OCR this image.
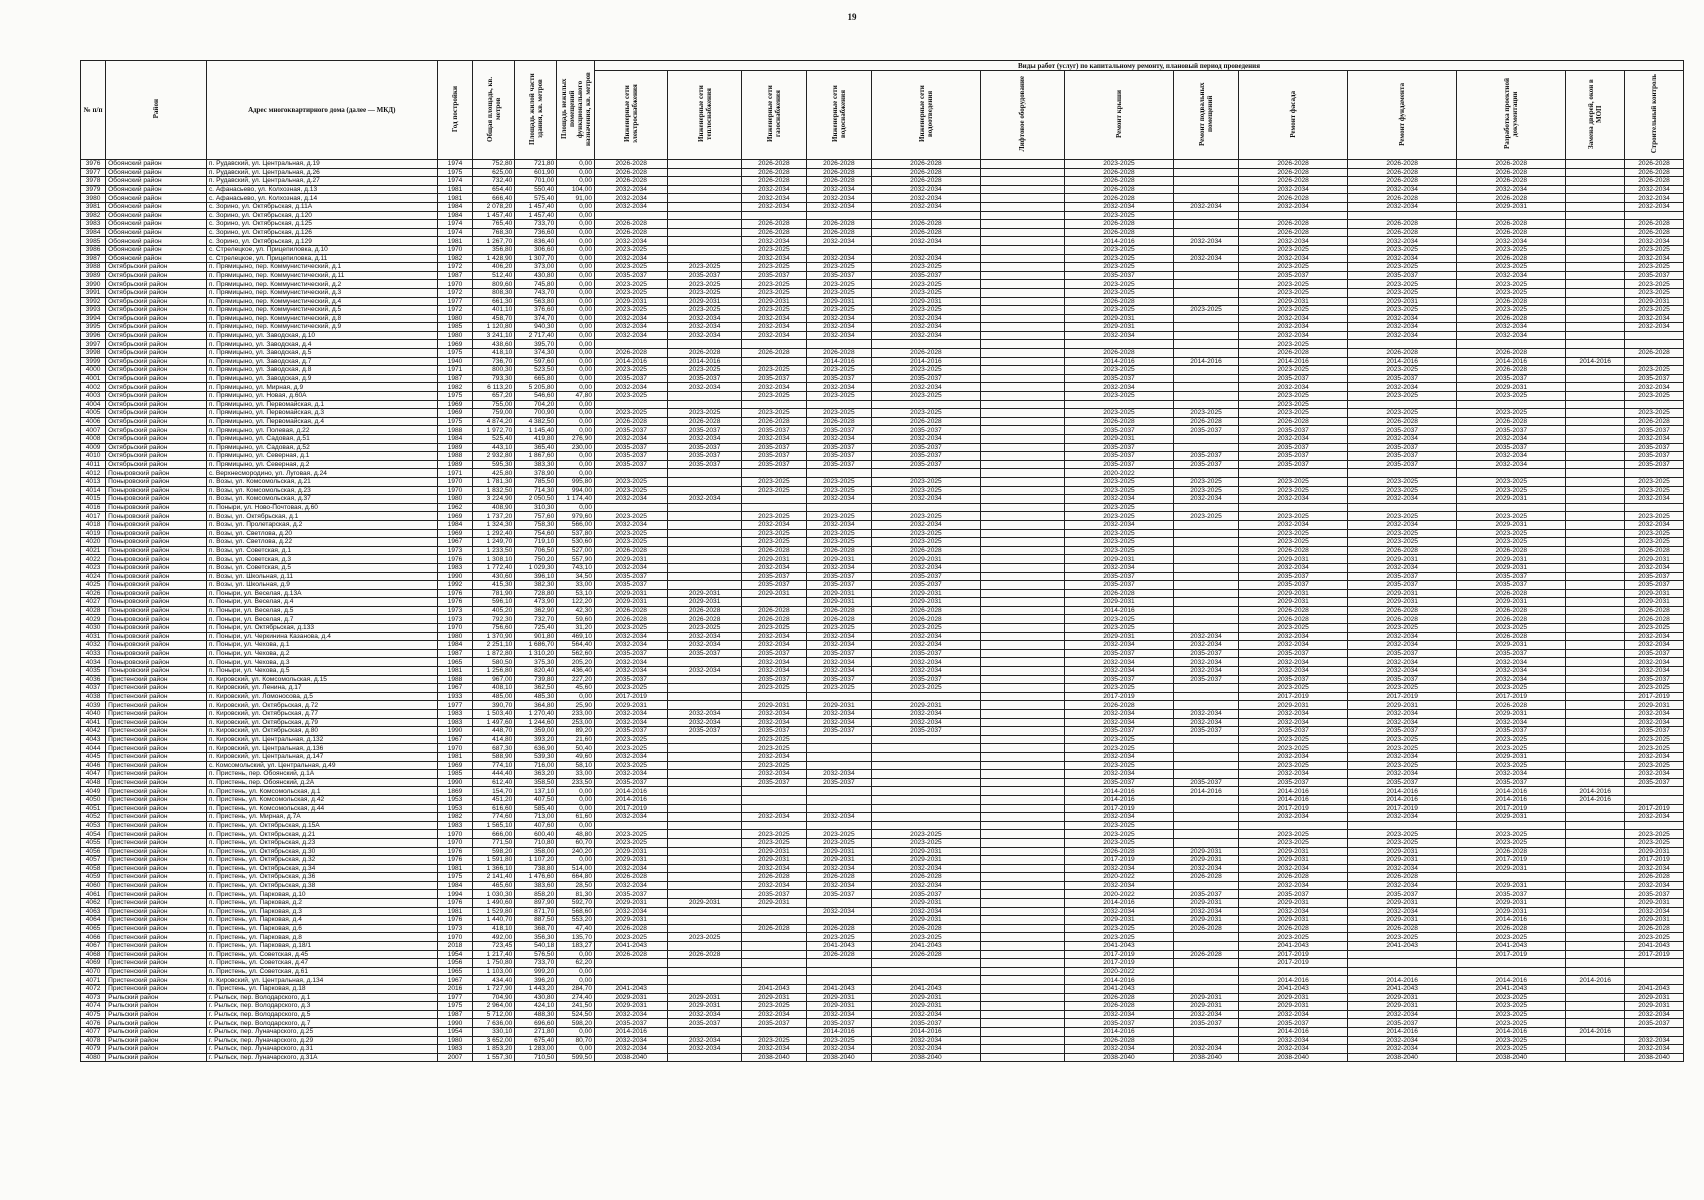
19
№ п/п	Район	Адрес многоквартирного дома (далее — МКД)	Год постройки	Общая площадь, кв. метров	Площадь жилой части здания, кв. метров	Площадь нежилых помещений функционального назначения, кв. метров	Виды работ (услуг) по капитальному ремонту, плановый период проведения												
							Инженерные сети электроснабжения	Инженерные сети теплоснабжения	Инженерные сети газоснабжения	Инженерные сети водоснабжения	Инженерные сети водоотведения	Лифтовое оборудование	Ремонт крыши	Ремонт подвальных помещений	Ремонт фасада	Ремонт фундамента	Разработка проектной документации	Замена дверей, окон в МОП	Строительный контроль
3976	Обоянский район	п. Рудавский, ул. Центральная, д.19	1974	752,80	721,80	0,00	2026-2028		2026-2028	2026-2028	2026-2028		2023-2025		2026-2028	2026-2028	2026-2028		2026-2028
3977	Обоянский район	п. Рудавский, ул. Центральная, д.26	1975	625,00	601,90	0,00	2026-2028		2026-2028	2026-2028	2026-2028		2026-2028		2026-2028	2026-2028	2026-2028		2026-2028
3978	Обоянский район	п. Рудавский, ул. Центральная, д.27	1974	732,40	701,00	0,00	2026-2028		2026-2028	2026-2028	2026-2028		2026-2028		2026-2028	2026-2028	2026-2028		2026-2028
3979	Обоянский район	с. Афанасьево, ул. Колхозная, д.13	1981	654,40	550,40	104,00	2032-2034		2032-2034	2032-2034	2032-2034		2026-2028		2032-2034	2032-2034	2032-2034		2032-2034
3980	Обоянский район	с. Афанасьево, ул. Колхозная, д.14	1981	666,40	575,40	91,00	2032-2034		2032-2034	2032-2034	2032-2034		2026-2028		2026-2028	2026-2028	2026-2028		2032-2034
3981	Обоянский район	с. Зорино, ул. Октябрьская, д.11А	1984	2 078,20	1 457,40	0,00	2032-2034		2032-2034	2032-2034	2032-2034		2032-2034	2032-2034	2032-2034	2032-2034	2029-2031		2032-2034
3982	Обоянский район	с. Зорино, ул. Октябрьская, д.120	1984	1 457,40	1 457,40	0,00							2023-2025						
3983	Обоянский район	с. Зорино, ул. Октябрьская, д.125	1974	765,40	733,70	0,00	2026-2028		2026-2028	2026-2028	2026-2028		2026-2028		2026-2028	2026-2028	2026-2028		2026-2028
3984	Обоянский район	с. Зорино, ул. Октябрьская, д.126	1974	768,30	736,60	0,00	2026-2028		2026-2028	2026-2028	2026-2028		2026-2028		2026-2028	2026-2028	2026-2028		2026-2028
3985	Обоянский район	с. Зорино, ул. Октябрьская, д.129	1981	1 267,70	836,40	0,00	2032-2034		2032-2034	2032-2034	2032-2034		2014-2016	2032-2034	2032-2034	2032-2034	2032-2034		2032-2034
3986	Обоянский район	с. Стрелецкое, ул. Прицепиловка, д.10	1970	356,80	306,60	0,00	2023-2025		2023-2025				2023-2025		2023-2025	2023-2025	2023-2025		2023-2025
3987	Обоянский район	с. Стрелецкое, ул. Прицепиловка, д.11	1982	1 428,90	1 307,70	0,00	2032-2034		2032-2034	2032-2034	2032-2034		2023-2025	2032-2034	2032-2034	2032-2034	2026-2028		2032-2034
3988	Октябрьский район	п. Прямицыно, пер. Коммунистический, д.1	1972	406,20	373,00	0,00	2023-2025	2023-2025	2023-2025	2023-2025	2023-2025		2023-2025		2023-2025	2023-2025	2023-2025		2023-2025
3989	Октябрьский район	п. Прямицыно, пер. Коммунистический, д.11	1987	512,40	430,80	0,00	2035-2037	2035-2037	2035-2037	2035-2037	2035-2037		2035-2037		2035-2037	2035-2037	2032-2034		2035-2037
3990	Октябрьский район	п. Прямицыно, пер. Коммунистический, д.2	1970	809,60	745,80	0,00	2023-2025	2023-2025	2023-2025	2023-2025	2023-2025		2023-2025		2023-2025	2023-2025	2023-2025		2023-2025
3991	Октябрьский район	п. Прямицыно, пер. Коммунистический, д.3	1972	808,30	743,70	0,00	2023-2025	2023-2025	2023-2025	2023-2025	2023-2025		2023-2025		2023-2025	2023-2025	2023-2025		2023-2025
3992	Октябрьский район	п. Прямицыно, пер. Коммунистический, д.4	1977	661,30	563,80	0,00	2029-2031	2029-2031	2029-2031	2029-2031	2029-2031		2026-2028		2029-2031	2029-2031	2026-2028		2029-2031
3993	Октябрьский район	п. Прямицыно, пер. Коммунистический, д.5	1972	401,10	376,60	0,00	2023-2025	2023-2025	2023-2025	2023-2025	2023-2025		2023-2025	2023-2025	2023-2025	2023-2025	2023-2025		2023-2025
3994	Октябрьский район	п. Прямицыно, пер. Коммунистический, д.8	1980	458,70	374,70	0,00	2032-2034	2032-2034	2032-2034	2032-2034	2032-2034		2029-2031		2032-2034	2032-2034	2026-2028		2032-2034
3995	Октябрьский район	п. Прямицыно, пер. Коммунистический, д.9	1985	1 120,80	940,30	0,00	2032-2034	2032-2034	2032-2034	2032-2034	2032-2034		2029-2031		2032-2034	2032-2034	2032-2034		2032-2034
3996	Октябрьский район	п. Прямицыно, ул. Заводская, д.10	1980	3 241,10	2 717,40	0,00	2032-2034	2032-2034	2032-2034	2032-2034	2032-2034		2032-2034		2032-2034	2032-2034	2032-2034		
3997	Октябрьский район	п. Прямицыно, ул. Заводская, д.4	1969	438,60	395,70	0,00									2023-2025				
3998	Октябрьский район	п. Прямицыно, ул. Заводская, д.5	1975	418,10	374,30	0,00	2026-2028	2026-2028	2026-2028	2026-2028	2026-2028		2026-2028		2026-2028	2026-2028	2026-2028		2026-2028
3999	Октябрьский район	п. Прямицыно, ул. Заводская, д.7	1940	736,70	597,60	0,00	2014-2016	2014-2016		2014-2016	2014-2016		2014-2016	2014-2016	2014-2016	2014-2016	2014-2016	2014-2016	
4000	Октябрьский район	п. Прямицыно, ул. Заводская, д.8	1971	800,30	523,50	0,00	2023-2025	2023-2025	2023-2025	2023-2025	2023-2025		2023-2025		2023-2025	2023-2025	2026-2028		2023-2025
4001	Октябрьский район	п. Прямицыно, ул. Заводская, д.9	1987	793,30	665,80	0,00	2035-2037	2035-2037	2035-2037	2035-2037	2035-2037		2035-2037		2035-2037	2035-2037	2035-2037		2035-2037
4002	Октябрьский район	п. Прямицыно, ул. Мирная, д.9	1982	6 113,20	5 205,80	0,00	2032-2034	2032-2034	2032-2034	2032-2034	2032-2034		2032-2034		2032-2034	2032-2034	2029-2031		2032-2034
4003	Октябрьский район	п. Прямицыно, ул. Новая, д.60А	1975	657,20	546,60	47,80	2023-2025		2023-2025	2023-2025	2023-2025		2023-2025		2023-2025	2023-2025	2023-2025		2023-2025
4004	Октябрьский район	п. Прямицыно, ул. Первомайская, д.1	1969	755,00	704,20	0,00									2023-2025				
4005	Октябрьский район	п. Прямицыно, ул. Первомайская, д.3	1969	759,00	700,90	0,00	2023-2025	2023-2025	2023-2025	2023-2025	2023-2025		2023-2025	2023-2025	2023-2025	2023-2025	2023-2025		2023-2025
4006	Октябрьский район	п. Прямицыно, ул. Первомайская, д.4	1975	4 874,20	4 382,50	0,00	2026-2028	2026-2028	2026-2028	2026-2028	2026-2028		2026-2028	2026-2028	2026-2028	2026-2028	2026-2028		2026-2028
4007	Октябрьский район	п. Прямицыно, ул. Полевая, д.22	1988	1 972,70	1 145,40	0,00	2035-2037	2035-2037	2035-2037	2035-2037	2035-2037		2035-2037	2035-2037	2035-2037	2035-2037	2035-2037		2035-2037
4008	Октябрьский район	п. Прямицыно, ул. Садовая, д.51	1984	525,40	419,80	276,90	2032-2034	2032-2034	2032-2034	2032-2034	2032-2034		2029-2031		2032-2034	2032-2034	2032-2034		2032-2034
4009	Октябрьский район	п. Прямицыно, ул. Садовая, д.52	1989	443,10	365,40	230,00	2035-2037	2035-2037	2035-2037	2035-2037	2035-2037		2035-2037		2035-2037	2035-2037	2035-2037		2035-2037
4010	Октябрьский район	п. Прямицыно, ул. Северная, д.1	1988	2 932,80	1 867,60	0,00	2035-2037	2035-2037	2035-2037	2035-2037	2035-2037		2035-2037	2035-2037	2035-2037	2035-2037	2032-2034		2035-2037
4011	Октябрьский район	п. Прямицыно, ул. Северная, д.2	1989	595,30	383,30	0,00	2035-2037	2035-2037	2035-2037	2035-2037	2035-2037		2035-2037	2035-2037	2035-2037	2035-2037	2032-2034		2035-2037
4012	Поныровский район	с. Верхнесмородино, ул. Луговая, д.24	1971	425,80	378,90	0,00							2020-2022						
4013	Поныровский район	п. Возы, ул. Комсомольская, д.21	1970	1 781,30	785,50	995,80	2023-2025		2023-2025	2023-2025	2023-2025		2023-2025	2023-2025	2023-2025	2023-2025	2023-2025		2023-2025
4014	Поныровский район	п. Возы, ул. Комсомольская, д.23	1970	1 832,50	714,30	994,00	2023-2025		2023-2025	2023-2025	2023-2025		2023-2025	2023-2025	2023-2025	2023-2025	2023-2025		2023-2025
4015	Поныровский район	п. Возы, ул. Комсомольская, д.37	1980	3 224,90	2 050,50	1 174,40	2032-2034	2032-2034		2032-2034	2032-2034		2032-2034	2032-2034	2032-2034	2032-2034	2029-2031		2032-2034
4016	Поныровский район	п. Поныри, ул. Ново-Почтовая, д.60	1962	408,90	310,30	0,00							2023-2025						
4017	Поныровский район	п. Возы, ул. Октябрьская, д.1	1969	1 737,20	757,60	979,60	2023-2025		2023-2025	2023-2025	2023-2025		2023-2025	2023-2025	2023-2025	2023-2025	2023-2025		2023-2025
4018	Поныровский район	п. Возы, ул. Пролетарская, д.2	1984	1 324,30	758,30	566,00	2032-2034		2032-2034	2032-2034	2032-2034		2032-2034		2032-2034	2032-2034	2029-2031		2032-2034
4019	Поныровский район	п. Возы, ул. Светлова, д.20	1969	1 292,40	754,60	537,80	2023-2025		2023-2025	2023-2025	2023-2025		2023-2025		2023-2025	2023-2025	2023-2025		2023-2025
4020	Поныровский район	п. Возы, ул. Светлова, д.22	1967	1 249,70	719,10	530,60	2023-2025		2023-2025	2023-2025	2023-2025		2023-2025		2023-2025	2023-2025	2023-2025		2023-2025
4021	Поныровский район	п. Возы, ул. Советская, д.1	1973	1 233,50	706,50	527,00	2026-2028		2026-2028	2026-2028	2026-2028		2023-2025		2026-2028	2026-2028	2026-2028		2026-2028
4022	Поныровский район	п. Возы, ул. Советская, д.3	1976	1 308,10	750,20	557,90	2029-2031		2029-2031	2029-2031	2029-2031		2029-2031		2029-2031	2029-2031	2029-2031		2029-2031
4023	Поныровский район	п. Возы, ул. Советская, д.5	1983	1 772,40	1 029,30	743,10	2032-2034		2032-2034	2032-2034	2032-2034		2032-2034		2032-2034	2032-2034	2029-2031		2032-2034
4024	Поныровский район	п. Возы, ул. Школьная, д.11	1990	430,60	396,10	34,50	2035-2037		2035-2037	2035-2037	2035-2037		2035-2037		2035-2037	2035-2037	2035-2037		2035-2037
4025	Поныровский район	п. Возы, ул. Школьная, д.9	1992	415,30	382,30	33,00	2035-2037		2035-2037	2035-2037	2035-2037		2035-2037		2035-2037	2035-2037	2035-2037		2035-2037
4026	Поныровский район	п. Поныри, ул. Веселая, д.13А	1976	781,90	728,80	53,10	2029-2031	2029-2031	2029-2031	2029-2031	2029-2031		2026-2028		2029-2031	2029-2031	2026-2028		2029-2031
4027	Поныровский район	п. Поныри, ул. Веселая, д.4	1976	596,10	473,90	122,20	2029-2031	2029-2031		2029-2031	2029-2031		2029-2031		2029-2031	2029-2031	2029-2031		2029-2031
4028	Поныровский район	п. Поныри, ул. Веселая, д.5	1973	405,20	362,90	42,30	2026-2028	2026-2028	2026-2028	2026-2028	2026-2028		2014-2016		2026-2028	2026-2028	2026-2028		2026-2028
4029	Поныровский район	п. Поныри, ул. Веселая, д.7	1973	792,30	732,70	59,60	2026-2028	2026-2028	2026-2028	2026-2028	2026-2028		2023-2025		2026-2028	2026-2028	2026-2028		2026-2028
4030	Поныровский район	п. Поныри, ул. Октябрьская, д.133	1970	756,60	725,40	31,20	2023-2025	2023-2025	2023-2025	2023-2025	2023-2025		2023-2025		2023-2025	2023-2025	2023-2025		2023-2025
4031	Поныровский район	п. Поныри, ул. Черкинина Казанова, д.4	1980	1 370,90	901,80	469,10	2032-2034	2032-2034	2032-2034	2032-2034	2032-2034		2029-2031	2032-2034	2032-2034	2032-2034	2026-2028		2032-2034
4032	Поныровский район	п. Поныри, ул. Чехова, д.1	1984	2 251,10	1 686,70	564,40	2032-2034	2032-2034	2032-2034	2032-2034	2032-2034		2032-2034	2032-2034	2032-2034	2032-2034	2029-2031		2032-2034
4033	Поныровский район	п. Поныри, ул. Чехова, д.2	1987	1 872,80	1 310,20	562,60	2035-2037	2035-2037	2035-2037	2035-2037	2035-2037		2035-2037	2035-2037	2035-2037	2035-2037	2035-2037		2035-2037
4034	Поныровский район	п. Поныри, ул. Чехова, д.3	1965	580,50	375,30	205,20	2032-2034		2032-2034	2032-2034	2032-2034		2032-2034	2032-2034	2032-2034	2032-2034	2032-2034		2032-2034
4035	Поныровский район	п. Поныри, ул. Чехова, д.5	1981	1 256,80	820,40	436,40	2032-2034	2032-2034	2032-2034	2032-2034	2032-2034		2032-2034	2032-2034	2032-2034	2032-2034	2032-2034		2032-2034
4036	Пристенский район	п. Кировский, ул. Комсомольская, д.15	1988	967,00	739,80	227,20	2035-2037		2035-2037	2035-2037	2035-2037		2035-2037	2035-2037	2035-2037	2035-2037	2032-2034		2035-2037
4037	Пристенский район	п. Кировский, ул. Ленина, д.17	1967	408,10	362,50	45,60	2023-2025		2023-2025	2023-2025	2023-2025		2023-2025		2023-2025	2023-2025	2023-2025		2023-2025
4038	Пристенский район	п. Кировский, ул. Ломоносова, д.5	1933	485,00	485,30	0,00	2017-2019						2017-2019		2017-2019	2017-2019	2017-2019		2017-2019
4039	Пристенский район	п. Кировский, ул. Октябрьская, д.72	1977	390,70	364,80	25,90	2029-2031		2029-2031	2029-2031	2029-2031		2026-2028		2029-2031	2029-2031	2026-2028		2029-2031
4040	Пристенский район	п. Кировский, ул. Октябрьская, д.77	1983	1 503,40	1 270,40	233,00	2032-2034	2032-2034	2032-2034	2032-2034	2032-2034		2032-2034	2032-2034	2032-2034	2032-2034	2029-2031		2032-2034
4041	Пристенский район	п. Кировский, ул. Октябрьская, д.79	1983	1 497,60	1 244,60	253,00	2032-2034	2032-2034	2032-2034	2032-2034	2032-2034		2032-2034	2032-2034	2032-2034	2032-2034	2032-2034		2032-2034
4042	Пристенский район	п. Кировский, ул. Октябрьская, д.80	1990	448,70	359,00	89,20	2035-2037	2035-2037	2035-2037	2035-2037	2035-2037		2035-2037	2035-2037	2035-2037	2035-2037	2035-2037		2035-2037
4043	Пристенский район	п. Кировский, ул. Центральная, д.132	1967	414,80	393,20	21,60	2023-2025		2023-2025				2023-2025		2023-2025	2023-2025	2023-2025		2023-2025
4044	Пристенский район	п. Кировский, ул. Центральная, д.136	1970	687,30	636,90	50,40	2023-2025		2023-2025				2023-2025		2023-2025	2023-2025	2023-2025		2023-2025
4045	Пристенский район	п. Кировский, ул. Центральная, д.147	1981	588,90	539,30	49,60	2032-2034		2032-2034				2032-2034		2032-2034	2032-2034	2029-2031		2032-2034
4046	Пристенский район	с. Комсомольский, ул. Центральная, д.49	1969	774,10	716,00	58,10	2023-2025		2023-2025				2023-2025		2023-2025	2023-2025	2023-2025		2023-2025
4047	Пристенский район	п. Пристень, пер. Обоянский, д.1А	1985	444,40	363,20	33,00	2032-2034		2032-2034	2032-2034			2032-2034		2032-2034	2032-2034	2032-2034		2032-2034
4048	Пристенский район	п. Пристень, пер. Обоянский, д.2А	1990	612,40	358,50	233,50	2035-2037		2035-2037	2035-2037			2035-2037	2035-2037	2035-2037	2035-2037	2035-2037		2035-2037
4049	Пристенский район	п. Пристень, ул. Комсомольская, д.1	1869	154,70	137,10	0,00	2014-2016						2014-2016	2014-2016	2014-2016	2014-2016	2014-2016	2014-2016	
4050	Пристенский район	п. Пристень, ул. Комсомольская, д.42	1953	451,20	407,50	0,00	2014-2016						2014-2016		2014-2016	2014-2016	2014-2016	2014-2016	
4051	Пристенский район	п. Пристень, ул. Комсомольская, д.44	1953	616,60	585,40	0,00	2017-2019						2017-2019		2017-2019	2017-2019	2017-2019		2017-2019
4052	Пристенский район	п. Пристень, ул. Мирная, д.7А	1982	774,60	713,00	61,60	2032-2034		2032-2034	2032-2034			2032-2034		2032-2034	2032-2034	2029-2031		2032-2034
4053	Пристенский район	п. Пристень, ул. Октябрьская, д.15А	1983	1 565,10	407,60	0,00							2023-2025						
4054	Пристенский район	п. Пристень, ул. Октябрьская, д.21	1970	666,00	600,40	48,80	2023-2025		2023-2025	2023-2025	2023-2025		2023-2025		2023-2025	2023-2025	2023-2025		2023-2025
4055	Пристенский район	п. Пристень, ул. Октябрьская, д.23	1970	771,50	710,80	60,70	2023-2025		2023-2025	2023-2025	2023-2025		2023-2025		2023-2025	2023-2025	2023-2025		2023-2025
4056	Пристенский район	п. Пристень, ул. Октябрьская, д.30	1976	598,20	358,00	240,20	2029-2031		2029-2031	2029-2031	2029-2031		2026-2028	2029-2031	2029-2031	2029-2031	2026-2028		2029-2031
4057	Пристенский район	п. Пристень, ул. Октябрьская, д.32	1976	1 591,80	1 107,20	0,00	2029-2031		2029-2031	2029-2031	2029-2031		2017-2019	2029-2031	2029-2031	2029-2031	2017-2019		2017-2019
4058	Пристенский район	п. Пристень, ул. Октябрьская, д.34	1981	1 366,10	738,80	514,00	2032-2034		2032-2034	2032-2034	2032-2034		2032-2034	2032-2034	2032-2034	2032-2034	2029-2031		2032-2034
4059	Пристенский район	п. Пристень, ул. Октябрьская, д.36	1975	2 141,40	1 476,60	664,80	2026-2028		2026-2028	2026-2028	2026-2028		2020-2022	2026-2028	2026-2028	2026-2028			2026-2028
4060	Пристенский район	п. Пристень, ул. Октябрьская, д.38	1984	465,60	383,60	28,50	2032-2034		2032-2034	2032-2034	2032-2034		2032-2034		2032-2034	2032-2034	2029-2031		2032-2034
4061	Пристенский район	п. Пристень, ул. Парковая, д.10	1994	1 030,30	858,20	81,30	2035-2037		2035-2037	2035-2037	2035-2037		2020-2022	2035-2037	2035-2037	2035-2037	2035-2037		2035-2037
4062	Пристенский район	п. Пристень, ул. Парковая, д.2	1976	1 490,60	897,90	592,70	2029-2031	2029-2031	2029-2031		2029-2031		2014-2016	2029-2031	2029-2031	2029-2031	2029-2031		2029-2031
4063	Пристенский район	п. Пристень, ул. Парковая, д.3	1981	1 529,80	871,70	568,60	2032-2034			2032-2034	2032-2034		2032-2034	2032-2034	2032-2034	2032-2034	2029-2031		2032-2034
4064	Пристенский район	п. Пристень, ул. Парковая, д.4	1976	1 440,70	887,50	553,20	2029-2031				2029-2031		2029-2031	2029-2031	2029-2031	2029-2031	2014-2016		2029-2031
4065	Пристенский район	п. Пристень, ул. Парковая, д.6	1973	418,10	368,70	47,40	2026-2028		2026-2028	2026-2028	2026-2028		2023-2025	2026-2028	2026-2028	2026-2028	2026-2028		2026-2028
4066	Пристенский район	п. Пристень, ул. Парковая, д.8	1970	492,00	356,30	135,70	2023-2025	2023-2025		2023-2025	2023-2025		2023-2025		2023-2025	2023-2025	2023-2025		2023-2025
4067	Пристенский район	п. Пристень, ул. Парковая, д.18/1	2018	723,45	540,18	183,27	2041-2043			2041-2043	2041-2043		2041-2043		2041-2043	2041-2043	2041-2043		2041-2043
4068	Пристенский район	п. Пристень, ул. Советская, д.45	1954	1 217,40	576,50	0,00	2026-2028	2026-2028		2026-2028	2026-2028		2017-2019	2026-2028	2017-2019		2017-2019		2017-2019
4069	Пристенский район	п. Пристень, ул. Советская, д.47	1956	1 750,80	733,70	62,20							2017-2019		2017-2019				
4070	Пристенский район	п. Пристень, ул. Советская, д.61	1965	1 103,00	999,20	0,00							2020-2022						
4071	Пристенский район	п. Кировский, ул. Центральная, д.134	1967	434,40	396,20	0,00							2014-2016		2014-2016	2014-2016	2014-2016	2014-2016	
4072	Пристенский район	п. Пристень, ул. Парковая, д.18	2016	1 727,90	1 443,20	284,70	2041-2043		2041-2043	2041-2043	2041-2043		2041-2043		2041-2043	2041-2043	2041-2043		2041-2043
4073	Рыльский район	г. Рыльск, пер. Володарского, д.1	1977	704,90	430,80	274,40	2029-2031	2029-2031	2029-2031	2029-2031	2029-2031		2026-2028	2029-2031	2029-2031	2029-2031	2023-2025		2029-2031
4074	Рыльский район	г. Рыльск, пер. Володарского, д.3	1975	2 964,00	424,10	241,50	2029-2031	2029-2031	2023-2025	2029-2031	2029-2031		2026-2028	2029-2031	2029-2031	2029-2031	2023-2025		2029-2031
4075	Рыльский район	г. Рыльск, пер. Володарского, д.5	1987	5 712,00	488,30	524,50	2032-2034	2032-2034	2032-2034	2032-2034	2032-2034		2032-2034	2032-2034	2032-2034	2032-2034	2023-2025		2032-2034
4076	Рыльский район	г. Рыльск, пер. Володарского, д.7	1990	7 636,00	696,60	598,20	2035-2037	2035-2037	2035-2037	2035-2037	2035-2037		2035-2037	2035-2037	2035-2037	2035-2037	2023-2025		2035-2037
4077	Рыльский район	г. Рыльск, пер. Луначарского, д.25	1954	330,10	271,80	0,00	2014-2016			2014-2016	2014-2016		2014-2016		2014-2016	2014-2016	2014-2016	2014-2016	
4078	Рыльский район	г. Рыльск, пер. Луначарского, д.29	1980	3 652,00	675,40	80,70	2032-2034	2032-2034	2023-2025	2023-2025	2032-2034		2026-2028		2032-2034	2032-2034	2023-2025		2032-2034
4079	Рыльский район	г. Рыльск, пер. Луначарского, д.31	1983	1 853,20	1 283,00	0,00	2032-2034	2032-2034	2032-2034	2032-2034	2032-2034		2032-2034	2032-2034	2032-2034	2032-2034	2023-2025		2032-2034
4080	Рыльский район	г. Рыльск, пер. Луначарского, д.31А	2007	1 557,30	710,50	599,50	2038-2040		2038-2040	2038-2040	2038-2040		2038-2040	2038-2040	2038-2040	2038-2040	2038-2040		2038-2040
